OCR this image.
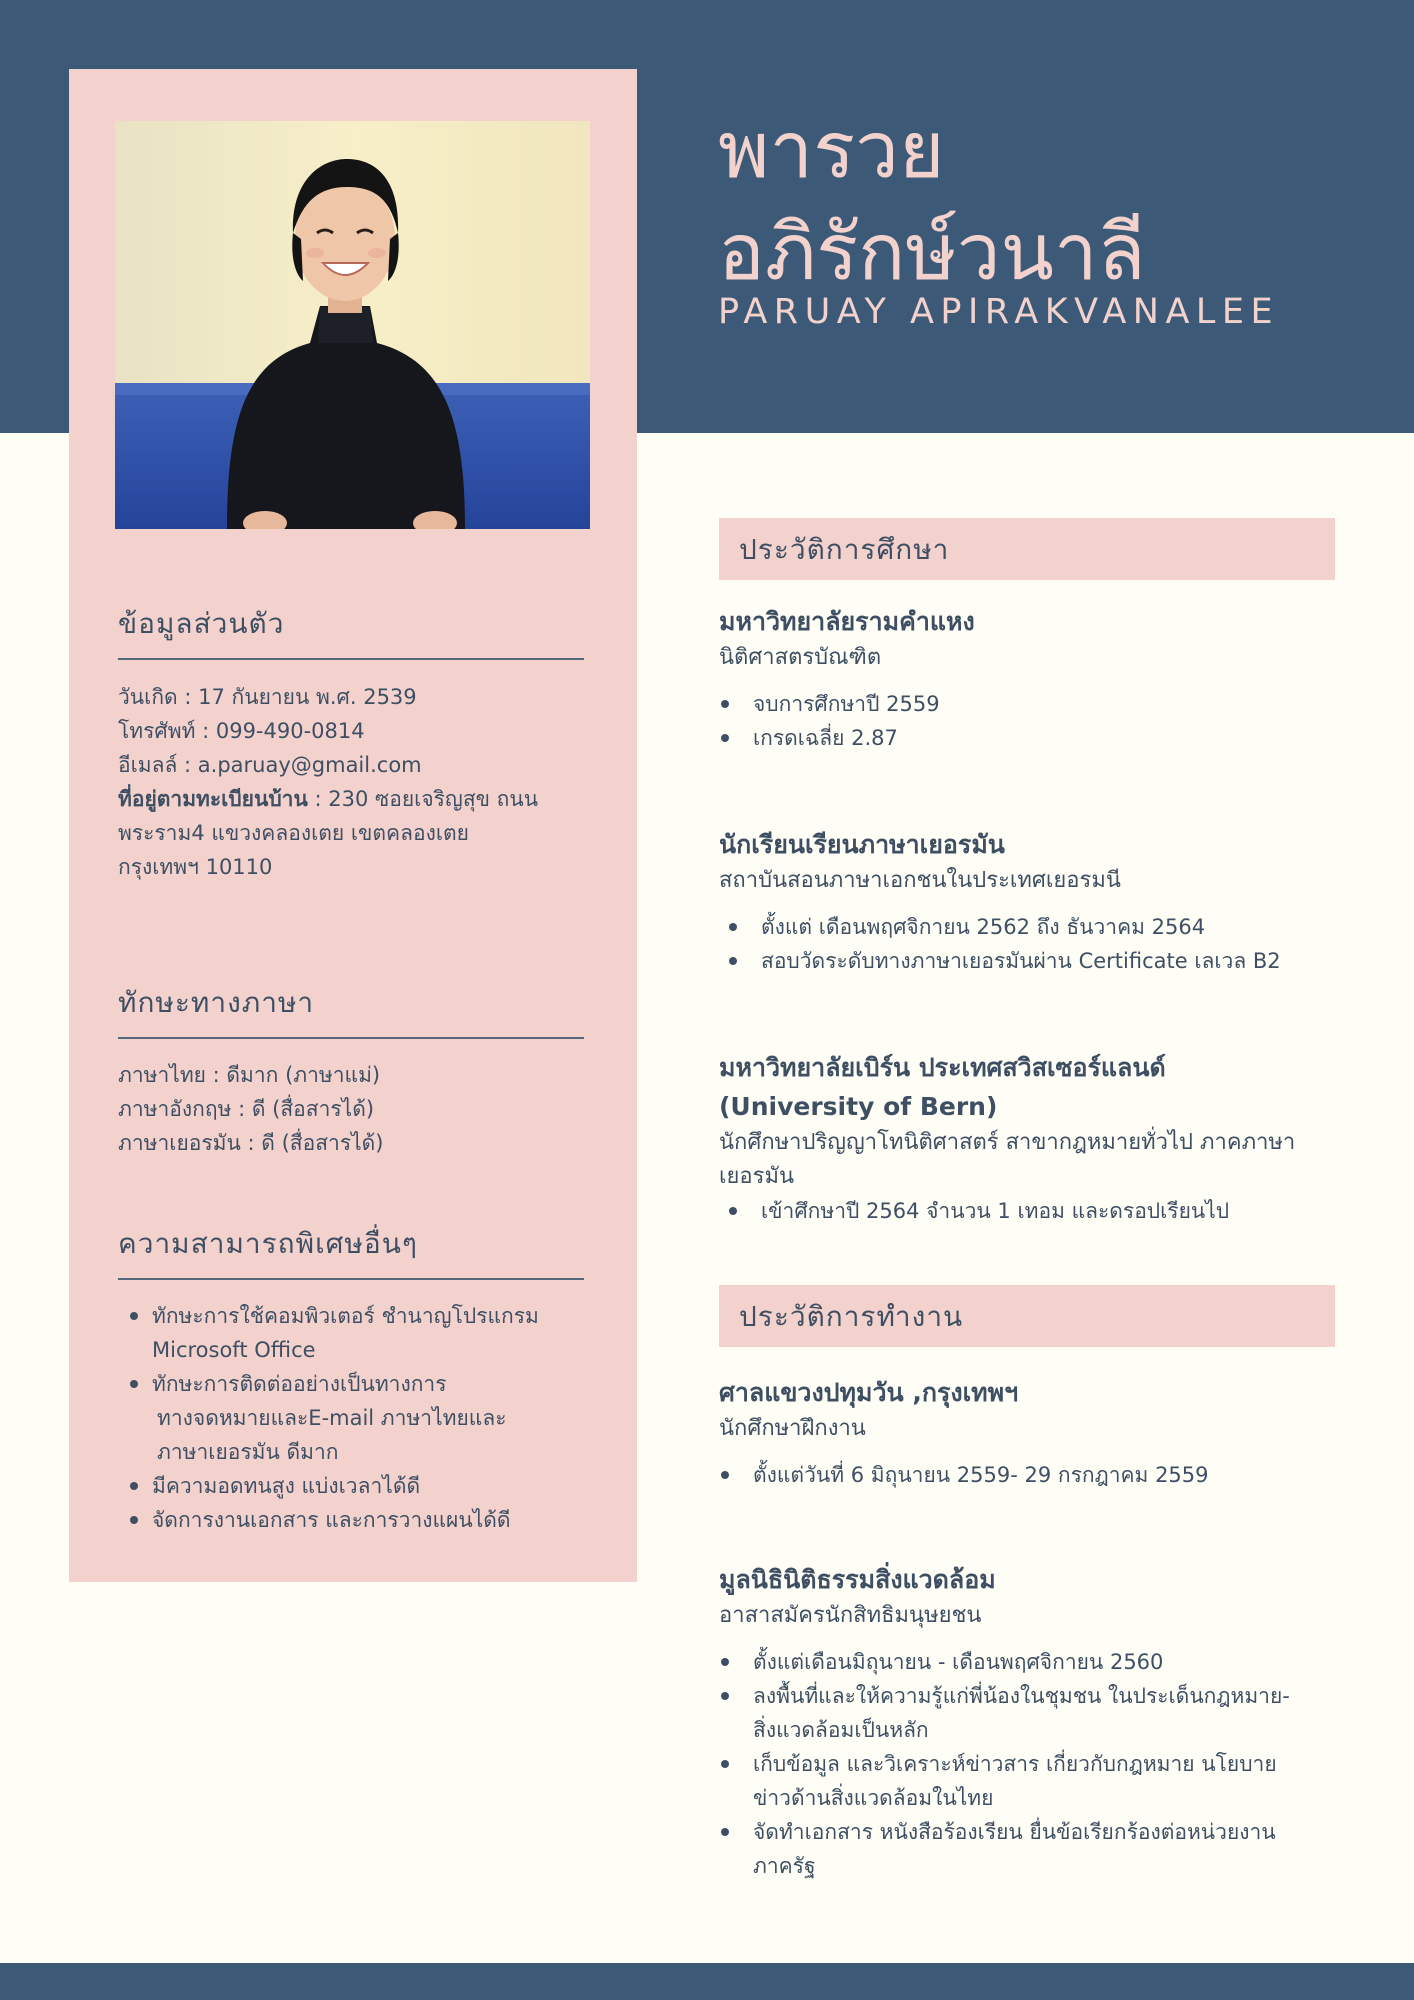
พารวย
อภิรักษ์วนาลี
PARUAY APIRAKVANALEE
ข้อมูลส่วนตัว

วันเกิด : 17 กันยายน พ.ศ. 2539

โทรศัพท์ : 099-490-0814

อีเมลล์ : a.paruay@gmail.com

ที่อยู่ตามทะเบียนบ้าน : 230 ซอยเจริญสุข ถนน

พระราม4 แขวงคลองเตย เขตคลองเตย

กรุงเทพฯ 10110

ทักษะทางภาษา

ภาษาไทย : ดีมาก (ภาษาแม่)

ภาษาอังกฤษ : ดี (สื่อสารได้)

ภาษาเยอรมัน : ดี (สื่อสารได้)

ความสามารถพิเศษอื่นๆ
ทักษะการใช้คอมพิวเตอร์ ชำนาญโปรแกรม
Microsoft Office
ทักษะการติดต่ออย่างเป็นทางการ
ทางจดหมายและE-mail ภาษาไทยและ
ภาษาเยอรมัน ดีมาก
มีความอดทนสูง แบ่งเวลาได้ดี
จัดการงานเอกสาร และการวางแผนได้ดี
ประวัติการศึกษา
มหาวิทยาลัยรามคำแหง
นิติศาสตรบัณฑิต
จบการศึกษาปี 2559
เกรดเฉลี่ย 2.87
นักเรียนเรียนภาษาเยอรมัน
สถาบันสอนภาษาเอกชนในประเทศเยอรมนี
ตั้งแต่ เดือนพฤศจิกายน 2562 ถึง ธันวาคม 2564
สอบวัดระดับทางภาษาเยอรมันผ่าน Certificate เลเวล B2
มหาวิทยาลัยเบิร์น ประเทศสวิสเซอร์แลนด์
(University of Bern)
นักศึกษาปริญญาโทนิติศาสตร์ สาขากฎหมายทั่วไป ภาคภาษา
เยอรมัน
เข้าศึกษาปี 2564 จำนวน 1 เทอม และดรอปเรียนไป
ประวัติการทำงาน
ศาลแขวงปทุมวัน ,กรุงเทพฯ
นักศึกษาฝึกงาน
ตั้งแต่วันที่ 6 มิถุนายน 2559- 29 กรกฎาคม 2559
มูลนิธินิติธรรมสิ่งแวดล้อม
อาสาสมัครนักสิทธิมนุษยชน
ตั้งแต่เดือนมิถุนายน - เดือนพฤศจิกายน 2560
ลงพื้นที่และให้ความรู้แก่พี่น้องในชุมชน ในประเด็นกฎหมาย-
สิ่งแวดล้อมเป็นหลัก
เก็บข้อมูล และวิเคราะห์ข่าวสาร เกี่ยวกับกฎหมาย นโยบาย
ข่าวด้านสิ่งแวดล้อมในไทย
จัดทำเอกสาร หนังสือร้องเรียน ยื่นข้อเรียกร้องต่อหน่วยงาน
ภาครัฐ
